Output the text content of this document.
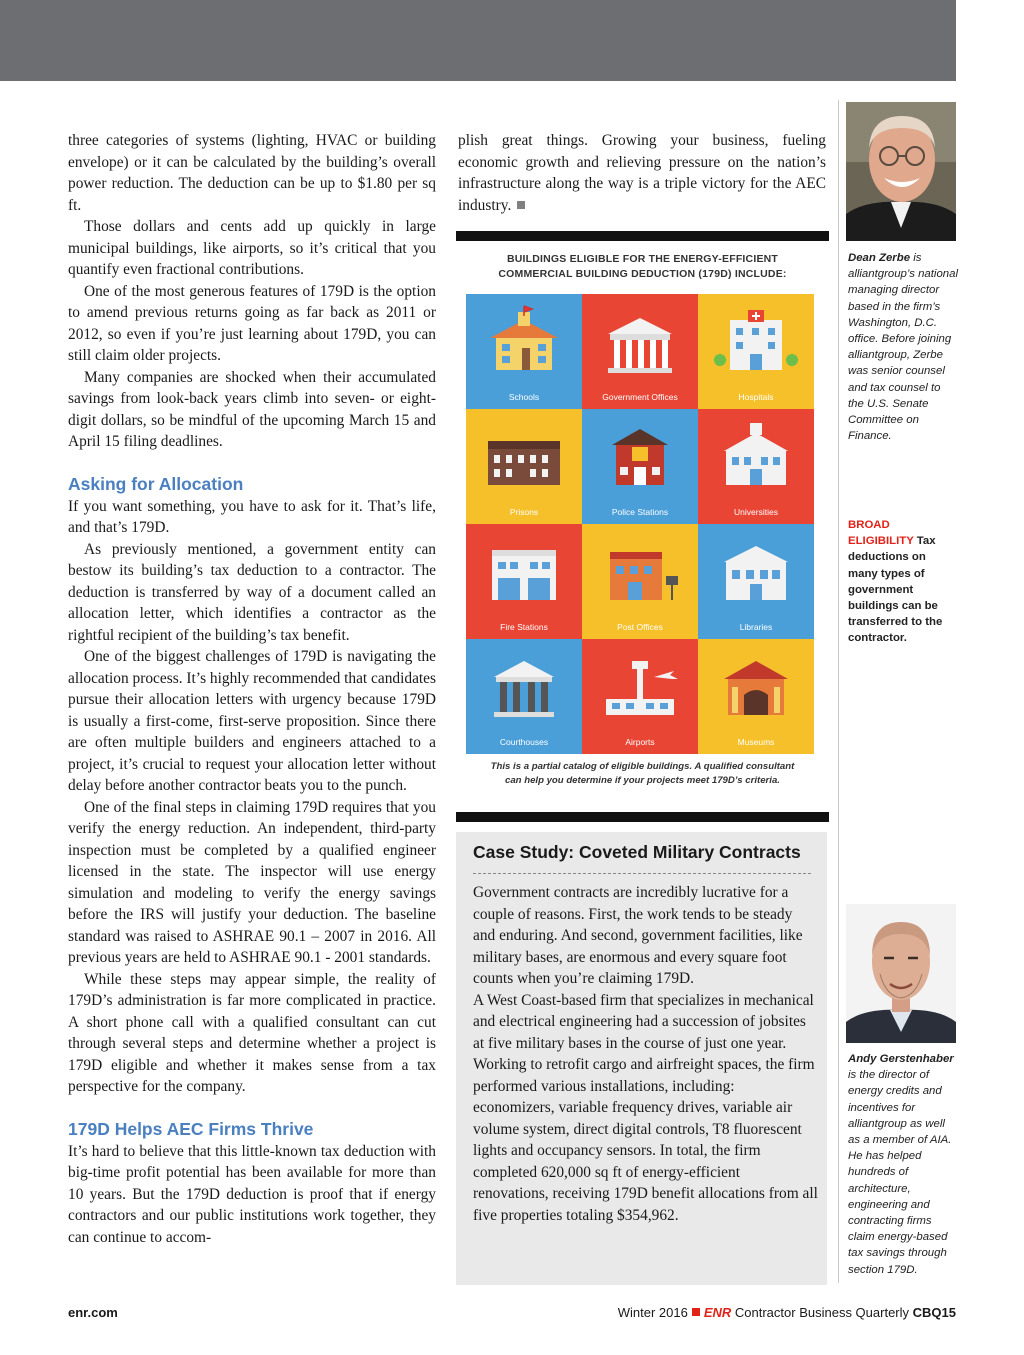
three categories of systems (lighting, HVAC or building envelope) or it can be calculated by the building’s overall power reduction. The deduction can be up to $1.80 per sq ft.

Those dollars and cents add up quickly in large municipal buildings, like airports, so it’s critical that you quantify even fractional contributions.

One of the most generous features of 179D is the option to amend previous returns going as far back as 2011 or 2012, so even if you’re just learning about 179D, you can still claim older projects.

Many companies are shocked when their accumulated savings from look-back years climb into seven- or eight-digit dollars, so be mindful of the upcoming March 15 and April 15 filing deadlines.

Asking for Allocation

If you want something, you have to ask for it. That’s life, and that’s 179D.

As previously mentioned, a government entity can bestow its building’s tax deduction to a contractor. The deduction is transferred by way of a document called an allocation letter, which identifies a contractor as the rightful recipient of the building’s tax benefit.

One of the biggest challenges of 179D is navigating the allocation process. It’s highly recommended that candidates pursue their allocation letters with urgency because 179D is usually a first-come, first-serve proposition. Since there are often multiple builders and engineers attached to a project, it’s crucial to request your allocation letter without delay before another contractor beats you to the punch.

One of the final steps in claiming 179D requires that you verify the energy reduction. An independent, third-party inspection must be completed by a qualified engineer licensed in the state. The inspector will use energy simulation and modeling to verify the energy savings before the IRS will justify your deduction. The baseline standard was raised to ASHRAE 90.1 – 2007 in 2016. All previous years are held to ASHRAE 90.1 - 2001 standards.

While these steps may appear simple, the reality of 179D’s administration is far more complicated in practice. A short phone call with a qualified consultant can cut through several steps and determine whether a project is 179D eligible and whether it makes sense from a tax perspective for the company.

179D Helps AEC Firms Thrive

It’s hard to believe that this little-known tax deduction with big-time profit potential has been available for more than 10 years. But the 179D deduction is proof that if energy contractors and our public institutions work together, they can continue to accom-

plish great things. Growing your business, fueling economic growth and relieving pressure on the nation’s infrastructure along the way is a triple victory for the AEC industry.

BUILDINGS ELIGIBLE FOR THE ENERGY-EFFICIENT
COMMERCIAL BUILDING DEDUCTION (179D) INCLUDE:
Schools	Government Offices	Hospitals
Prisons	Police Stations	Universities
Fire Stations	Post Offices	Libraries
Courthouses	Airports	Museums
This is a partial catalog of eligible buildings. A qualified consultant
can help you determine if your projects meet 179D’s criteria.
Case Study: Coveted Military Contracts

Government contracts are incredibly lucrative for a couple of reasons. First, the work tends to be steady and enduring. And second, government facilities, like military bases, are enormous and every square foot counts when you’re claiming 179D.

A West Coast-based firm that specializes in mechanical and electrical engineering had a succession of jobsites at five military bases in the course of just one year. Working to retrofit cargo and airfreight spaces, the firm performed various installations, including: economizers, variable frequency drives, variable air volume system, direct digital controls, T8 fluorescent lights and occupancy sensors. In total, the firm completed 620,000 sq ft of energy-efficient renovations, receiving 179D benefit allocations from all five properties totaling $354,962.

Dean Zerbe is alliantgroup’s national managing director based in the firm’s Washington, D.C. office. Before joining alliantgroup, Zerbe was senior counsel and tax counsel to the U.S. Senate Committee on Finance.
BROAD ELIGIBILITY Tax deductions on many types of government buildings can be transferred to the contractor.
Andy Gerstenhaber is the director of energy credits and incentives for alliantgroup as well as a member of AIA. He has helped hundreds of architecture, engineering and contracting firms claim energy-based tax savings through section 179D.
enr.com	Winter 2016 ENR Contractor Business Quarterly CBQ15
